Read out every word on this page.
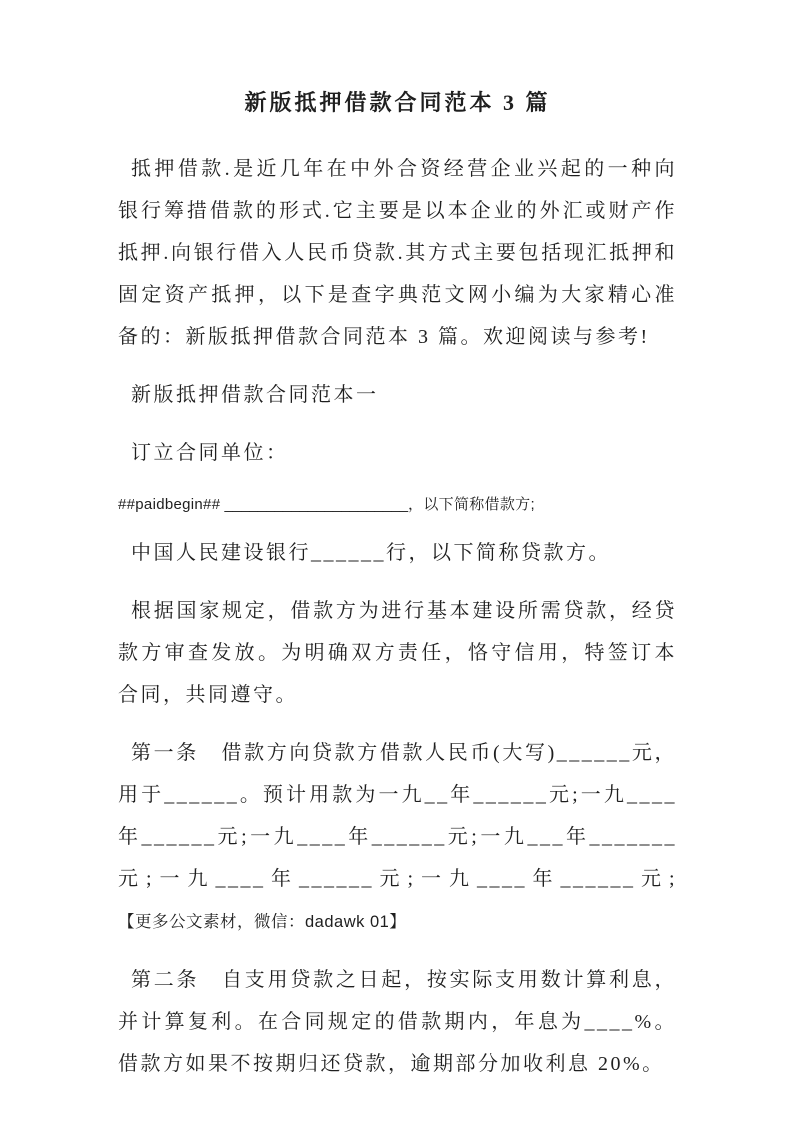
新版抵押借款合同范本 3 篇

抵押借款.是近几年在中外合资经营企业兴起的一种向银行筹措借款的形式.它主要是以本企业的外汇或财产作抵押.向银行借入人民币贷款.其方式主要包括现汇抵押和固定资产抵押，以下是查字典范文网小编为大家精心准备的：新版抵押借款合同范本 3 篇。欢迎阅读与参考!

新版抵押借款合同范本一

订立合同单位：

##paidbegin## ______________________，以下简称借款方;

中国人民建设银行______行，以下简称贷款方。

根据国家规定，借款方为进行基本建设所需贷款，经贷款方审查发放。为明确双方责任，恪守信用，特签订本合同，共同遵守。

第一条　借款方向贷款方借款人民币(大写)______元，用于______。预计用款为一九__年______元;一九____年______元;一九____年______元;一九___年_______元;一九____年______元;一九____年______元; 【更多公文素材，微信：dadawk 01】

第二条　自支用贷款之日起，按实际支用数计算利息，并计算复利。在合同规定的借款期内，年息为____%。借款方如果不按期归还贷款，逾期部分加收利息 20%。
